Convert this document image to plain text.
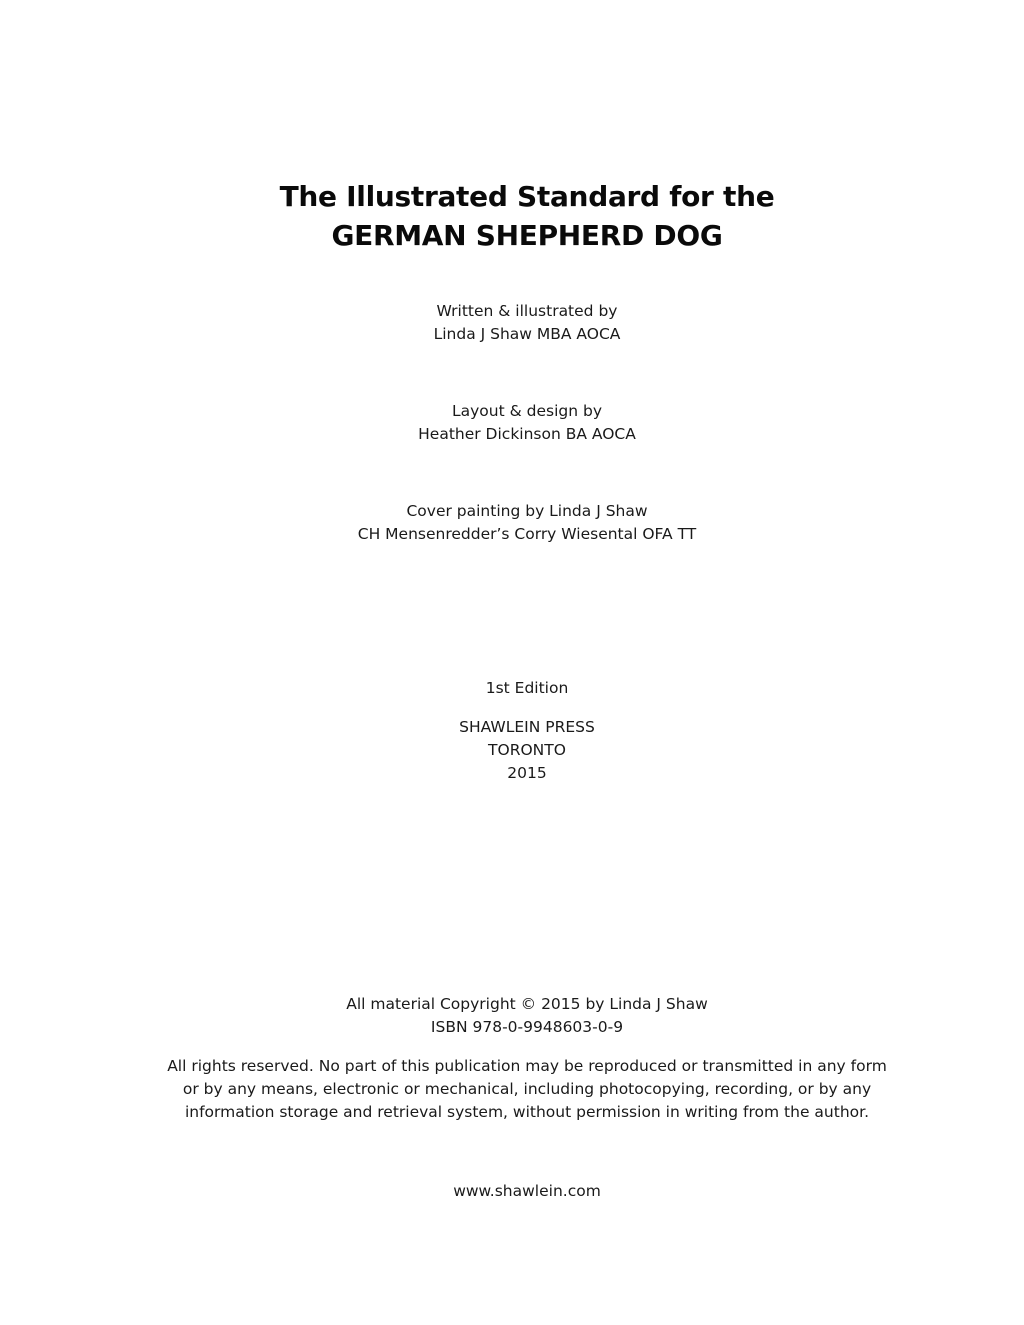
The Illustrated Standard for the
GERMAN SHEPHERD DOG
Written & illustrated by
Linda J Shaw MBA AOCA
Layout & design by
Heather Dickinson BA AOCA
Cover painting by Linda J Shaw
CH Mensenredder’s Corry Wiesental OFA TT
1st Edition
SHAWLEIN PRESS
TORONTO
2015
All material Copyright © 2015 by Linda J Shaw
ISBN 978-0-9948603-0-9
All rights reserved. No part of this publication may be reproduced or transmitted in any form
or by any means, electronic or mechanical, including photocopying, recording, or by any
information storage and retrieval system, without permission in writing from the author.
www.shawlein.com
